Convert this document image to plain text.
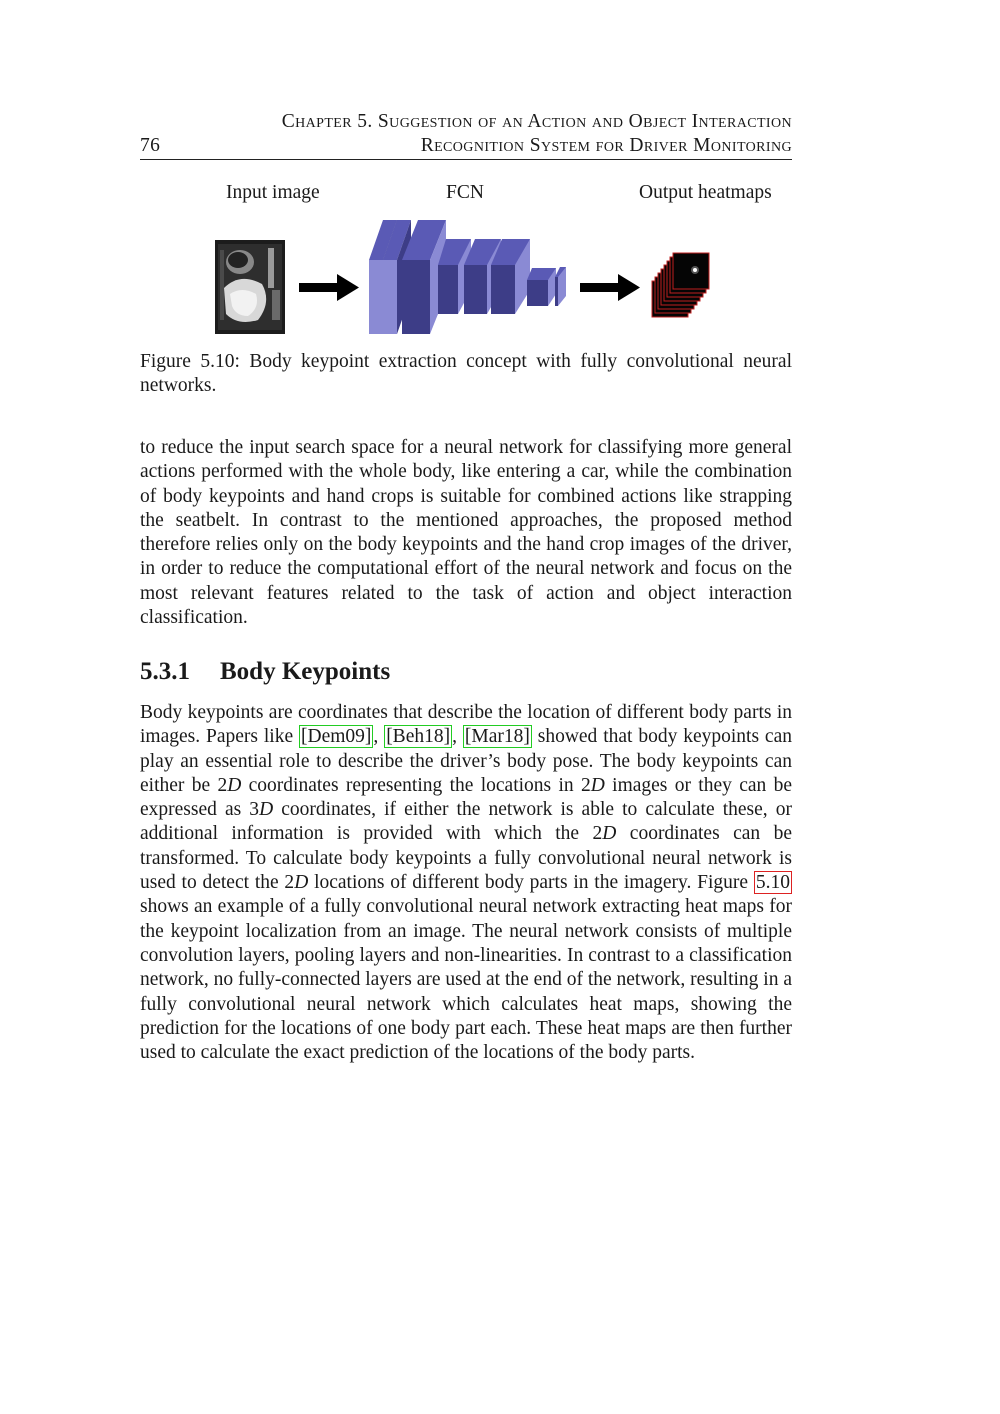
Chapter 5. Suggestion of an Action and Object Interaction
76	Recognition System for Driver Monitoring
Input image	FCN	Output heatmaps
Figure 5.10: Body keypoint extraction concept with fully convolutional neural networks.
to reduce the input search space for a neural network for classifying more general actions performed with the whole body, like entering a car, while the combination of body keypoints and hand crops is suitable for combined actions like strapping the seatbelt. In contrast to the mentioned approaches, the proposed method therefore relies only on the body keypoints and the hand crop images of the driver, in order to reduce the computational effort of the neural network and focus on the most relevant features related to the task of action and object interaction classification.
5.3.1 Body Keypoints
Body keypoints are coordinates that describe the location of different body parts in images. Papers like [Dem09] , [Beh18] , [Mar18] showed that body keypoints can play an essential role to describe the driver’s body pose. The body keypoints can either be 2D coordinates representing the locations in 2D images or they can be expressed as 3D coordinates, if either the network is able to calculate these, or additional information is provided with which the 2D coordinates can be transformed. To calculate body keypoints a fully convolutional neural network is used to detect the 2D locations of different body parts in the imagery. Figure 5.10 shows an example of a fully convolutional neural network extracting heat maps for the keypoint localization from an image. The neural network consists of multiple convolution layers, pooling layers and non-linearities. In contrast to a classification network, no fully-connected layers are used at the end of the network, resulting in a fully convolutional neural network which calculates heat maps, showing the prediction for the locations of one body part each. These heat maps are then further used to calculate the exact prediction of the locations of the body parts.
